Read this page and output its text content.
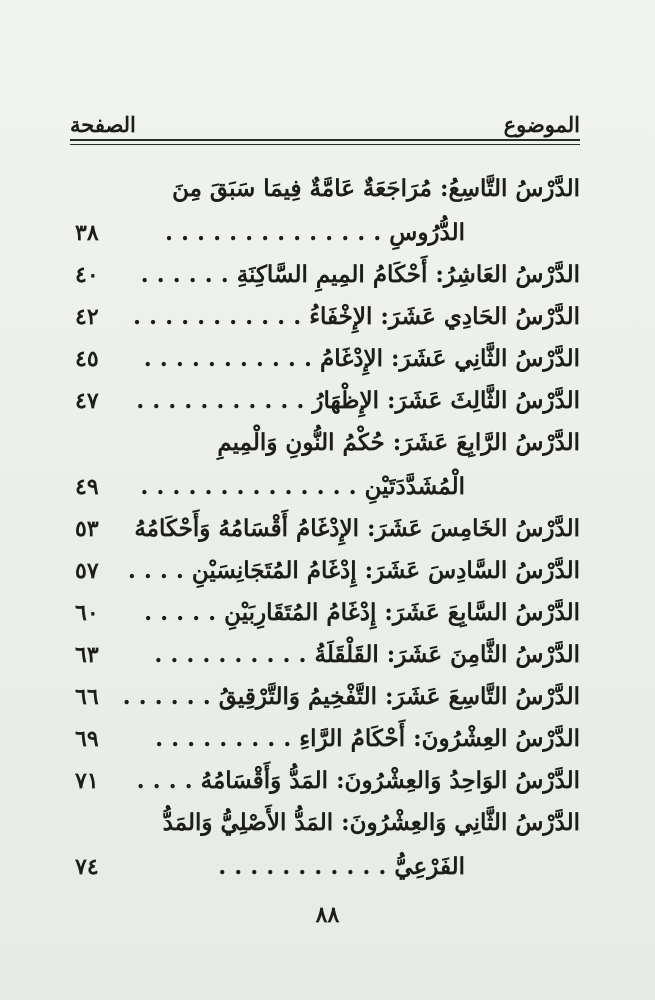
الموضوع
الصفحة
الدَّرْسُ التَّاسِعُ: مُرَاجَعَةٌ عَامَّةٌ فِيمَا سَبَقَ مِنَ
الدُّرُوسِ . . . . . . . . . . . . . .
٣٨
الدَّرْسُ العَاشِرُ: أَحْكَامُ المِيمِ السَّاكِنَةِ . . . . . .
٤٠
الدَّرْسُ الحَادِي عَشَرَ: الإِخْفَاءُ . . . . . . . . . . .
٤٢
الدَّرْسُ الثَّانِي عَشَرَ: الإِدْغَامُ . . . . . . . . . . .
٤٥
الدَّرْسُ الثَّالِثَ عَشَرَ: الإِظْهَارُ . . . . . . . . . . .
٤٧
الدَّرْسُ الرَّابِعَ عَشَرَ: حُكْمُ النُّونِ وَالْمِيمِ
الْمُشَدَّدَتَيْنِ . . . . . . . . . . . . . .
٤٩
الدَّرْسُ الخَامِسَ عَشَرَ: الإِدْغَامُ أَقْسَامُهُ وَأَحْكَامُهُ
٥٣
الدَّرْسُ السَّادِسَ عَشَرَ: إِدْغَامُ المُتَجَانِسَيْنِ . . . .
٥٧
الدَّرْسُ السَّابِعَ عَشَرَ: إِدْغَامُ المُتَقَارِبَيْنِ . . . . .
٦٠
الدَّرْسُ الثَّامِنَ عَشَرَ: القَلْقَلَةُ . . . . . . . . . .
٦٣
الدَّرْسُ التَّاسِعَ عَشَرَ: التَّفْخِيمُ وَالتَّرْقِيقُ . . . . . .
٦٦
الدَّرْسُ العِشْرُونَ: أَحْكَامُ الرَّاءِ . . . . . . . . .
٦٩
الدَّرْسُ الوَاحِدُ وَالعِشْرُونَ: المَدُّ وَأَقْسَامُهُ . . . .
٧١
الدَّرْسُ الثَّانِي وَالعِشْرُونَ: المَدُّ الأَصْلِيُّ وَالمَدُّ
الفَرْعِيُّ . . . . . . . . . . .
٧٤
٨٨
